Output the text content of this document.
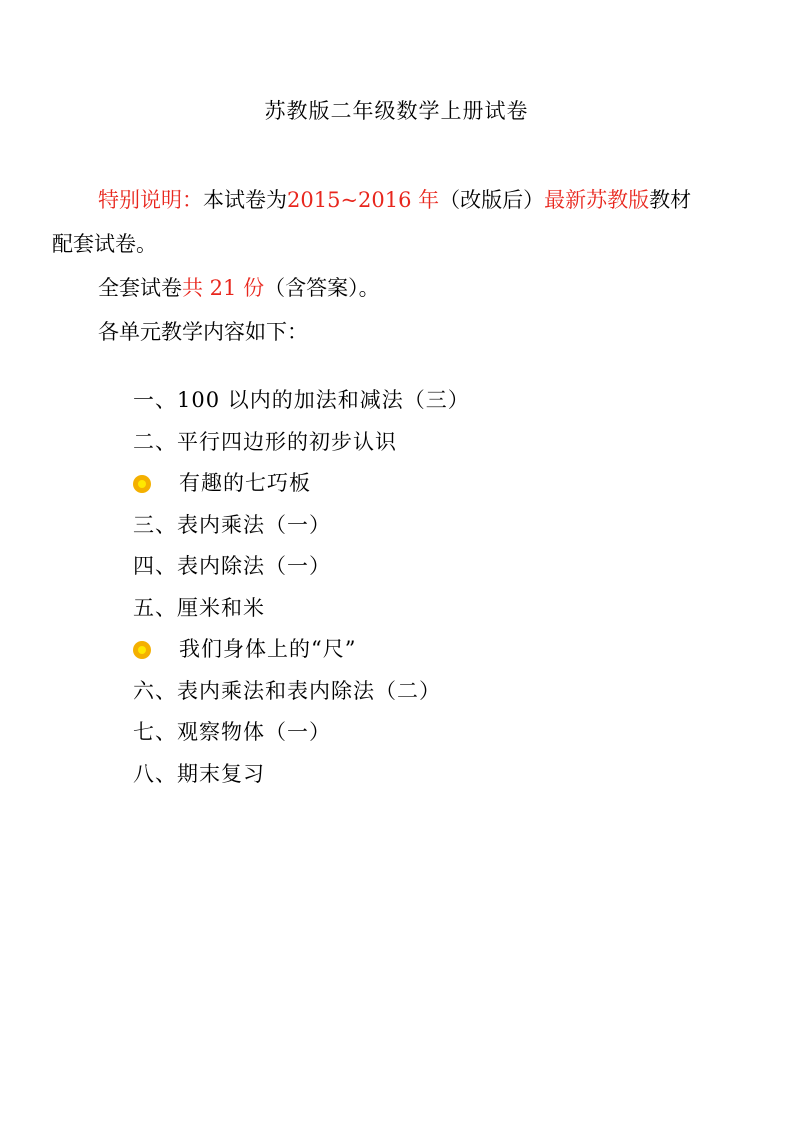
苏教版二年级数学上册试卷

特别说明：本试卷为2015~2016 年（改版后）最新苏教版教材

配套试卷。

全套试卷共 21 份（含答案）。

各单元教学内容如下：

一、100 以内的加法和减法（三）
二、平行四边形的初步认识
有趣的七巧板
三、表内乘法（一）
四、表内除法（一）
五、厘米和米
我们身体上的“尺”
六、表内乘法和表内除法（二）
七、观察物体（一）
八、期末复习
